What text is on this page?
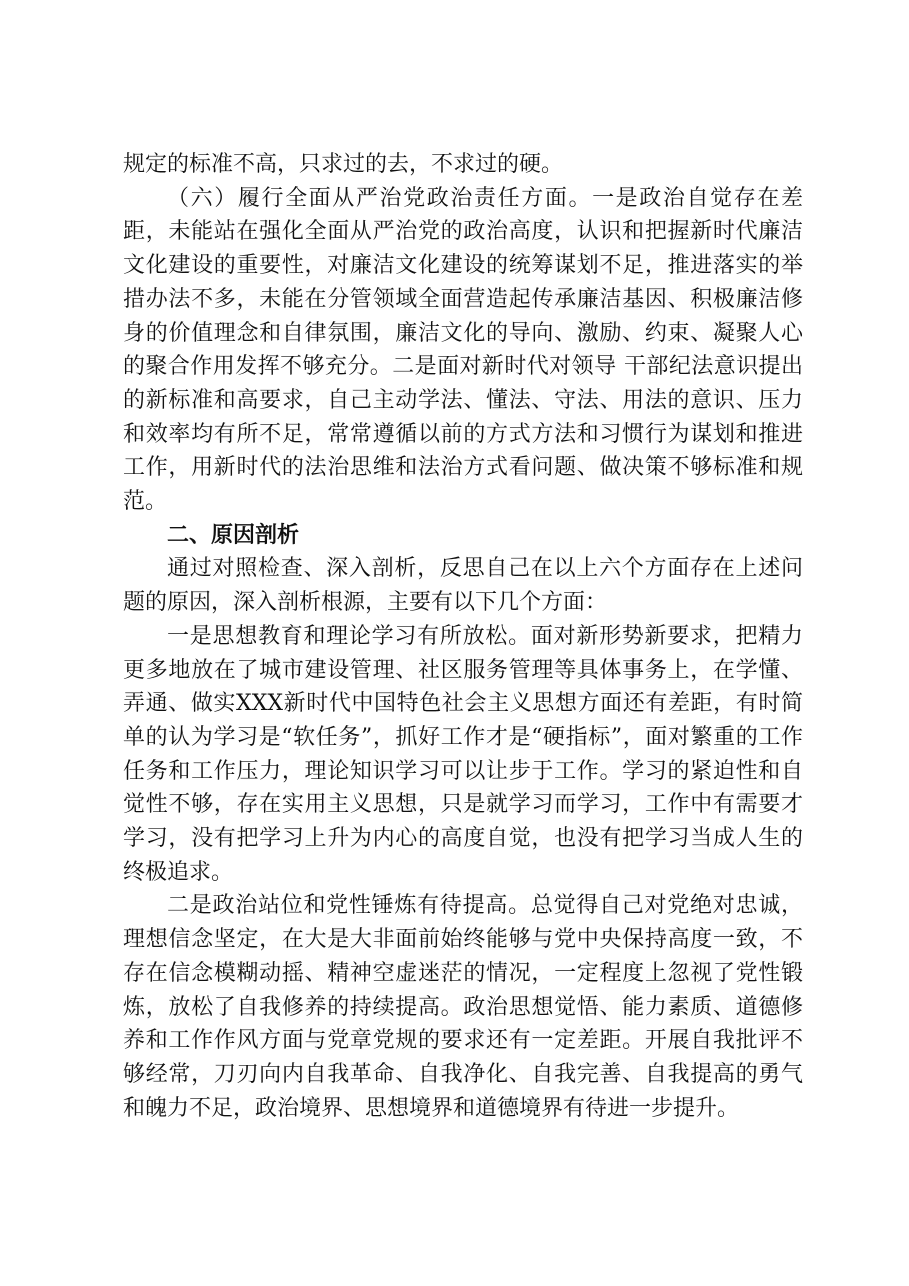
规定的标准不高，只求过的去，不求过的硬。

（六）履行全面从严治党政治责任方面。一是政治自觉存在差距，未能站在强化全面从严治党的政治高度，认识和把握新时代廉洁文化建设的重要性，对廉洁文化建设的统筹谋划不足，推进落实的举措办法不多，未能在分管领域全面营造起传承廉洁基因、积极廉洁修身的价值理念和自律氛围，廉洁文化的导向、激励、约束、凝聚人心的聚合作用发挥不够充分。二是面对新时代对领导 干部纪法意识提出的新标准和高要求，自己主动学法、懂法、守法、用法的意识、压力和效率均有所不足，常常遵循以前的方式方法和习惯行为谋划和推进工作，用新时代的法治思维和法治方式看问题、做决策不够标准和规范。

二、原因剖析

通过对照检查、深入剖析，反思自己在以上六个方面存在上述问题的原因，深入剖析根源，主要有以下几个方面：

一是思想教育和理论学习有所放松。面对新形势新要求，把精力更多地放在了城市建设管理、社区服务管理等具体事务上，在学懂、弄通、做实XXX新时代中国特色社会主义思想方面还有差距，有时简单的认为学习是“软任务”，抓好工作才是“硬指标”，面对繁重的工作任务和工作压力，理论知识学习可以让步于工作。学习的紧迫性和自觉性不够，存在实用主义思想，只是就学习而学习，工作中有需要才学习，没有把学习上升为内心的高度自觉，也没有把学习当成人生的终极追求。

二是政治站位和党性锤炼有待提高。总觉得自己对党绝对忠诚，理想信念坚定，在大是大非面前始终能够与党中央保持高度一致，不存在信念模糊动摇、精神空虚迷茫的情况，一定程度上忽视了党性锻炼，放松了自我修养的持续提高。政治思想觉悟、能力素质、道德修养和工作作风方面与党章党规的要求还有一定差距。开展自我批评不够经常，刀刃向内自我革命、自我净化、自我完善、自我提高的勇气和魄力不足，政治境界、思想境界和道德境界有待进一步提升。
